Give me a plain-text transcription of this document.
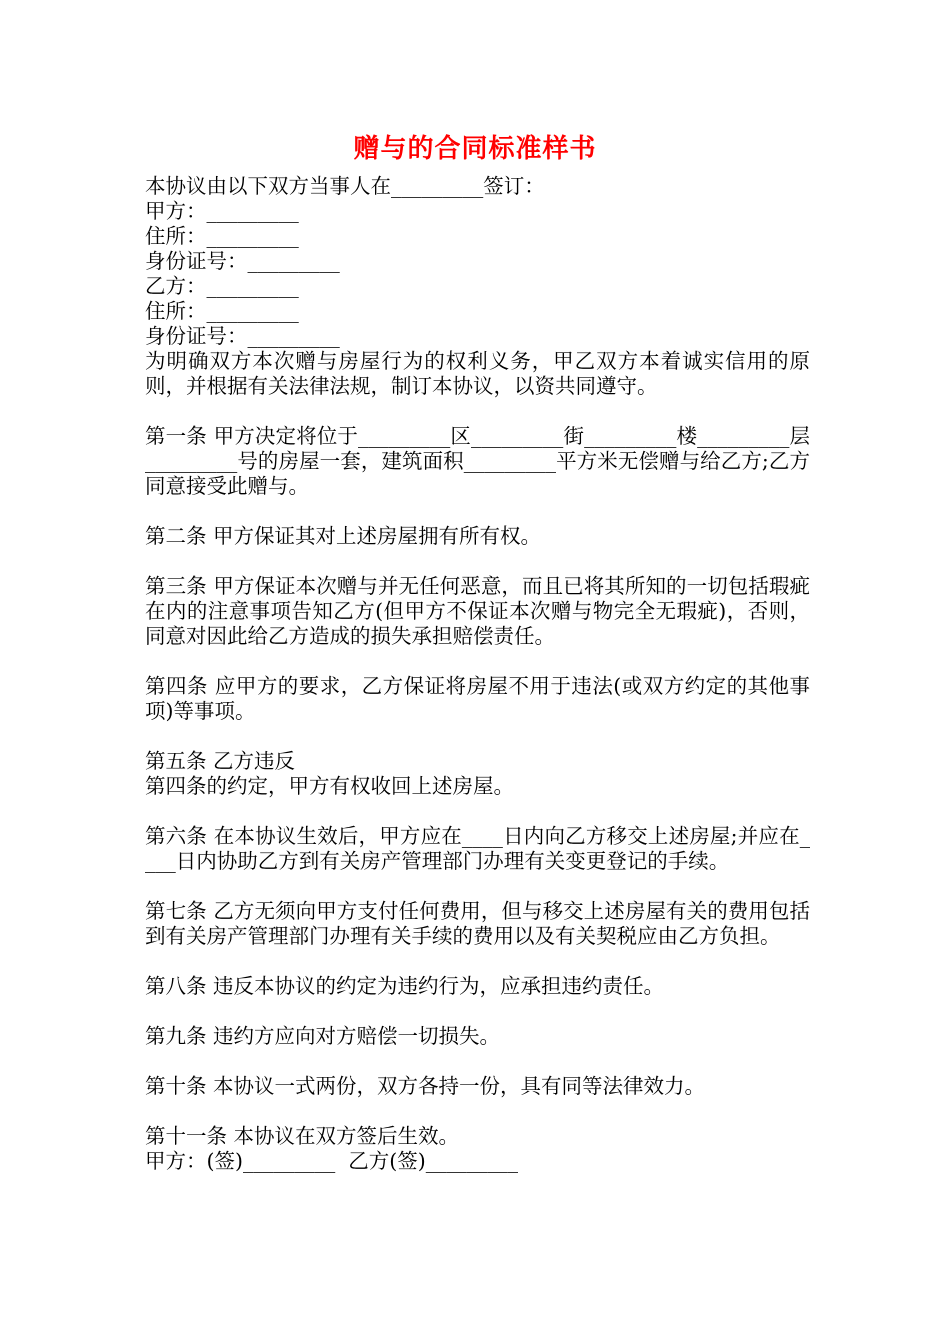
赠与的合同标准样书
本协议由以下双方当事人在_________签订：
甲方：_________
住所：_________
身份证号：_________
乙方：_________
住所：_________
身份证号：_________
为明确双方本次赠与房屋行为的权利义务，甲乙双方本着诚实信用的原则，并根据有关法律法规，制订本协议，以资共同遵守。
第一条 甲方决定将位于_________区_________街_________楼_________层_________号的房屋一套，建筑面积_________平方米无偿赠与给乙方;乙方同意接受此赠与。
第二条 甲方保证其对上述房屋拥有所有权。
第三条 甲方保证本次赠与并无任何恶意，而且已将其所知的一切包括瑕疵在内的注意事项告知乙方(但甲方不保证本次赠与物完全无瑕疵)，否则，同意对因此给乙方造成的损失承担赔偿责任。
第四条 应甲方的要求，乙方保证将房屋不用于违法(或双方约定的其他事项)等事项。
第五条 乙方违反
第四条的约定，甲方有权收回上述房屋。
第六条 在本协议生效后，甲方应在____日内向乙方移交上述房屋;并应在____日内协助乙方到有关房产管理部门办理有关变更登记的手续。
第七条 乙方无须向甲方支付任何费用，但与移交上述房屋有关的费用包括到有关房产管理部门办理有关手续的费用以及有关契税应由乙方负担。
第八条 违反本协议的约定为违约行为，应承担违约责任。
第九条 违约方应向对方赔偿一切损失。
第十条 本协议一式两份，双方各持一份，具有同等法律效力。
第十一条 本协议在双方签后生效。
甲方：(签)_________  乙方(签)_________
